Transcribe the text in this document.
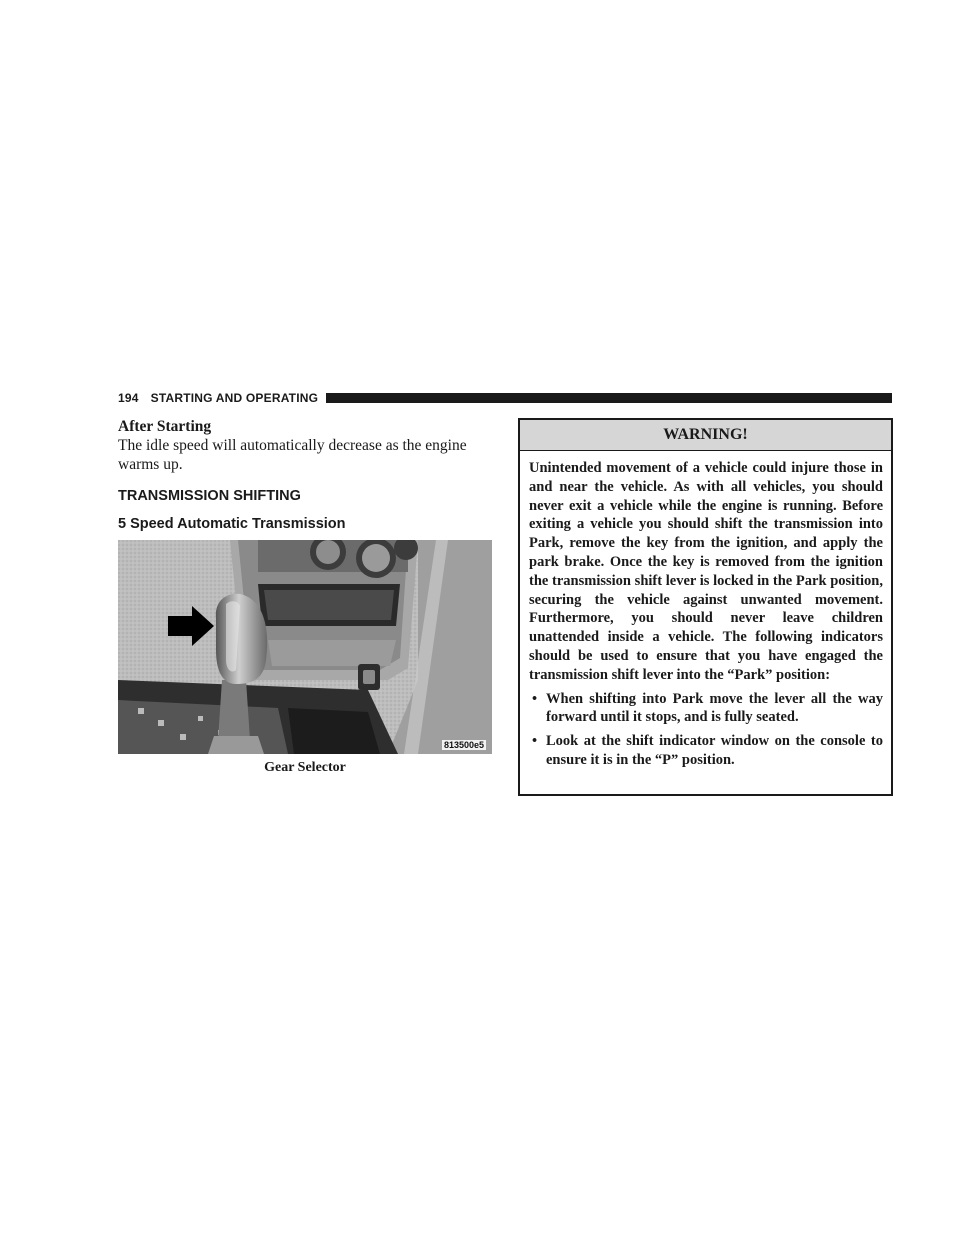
194 STARTING AND OPERATING

After Starting

The idle speed will automatically decrease as the engine warms up.

TRANSMISSION SHIFTING

5 Speed Automatic Transmission

813500e5
Gear Selector
WARNING!

Unintended movement of a vehicle could injure those in and near the vehicle. As with all vehicles, you should never exit a vehicle while the engine is running. Before exiting a vehicle you should shift the transmission into Park, remove the key from the ignition, and apply the park brake. Once the key is removed from the ignition the transmission shift lever is locked in the Park position, securing the vehicle against unwanted movement. Furthermore, you should never leave children unattended inside a vehicle. The following indicators should be used to ensure that you have engaged the transmission shift lever into the “Park” position:

• When shifting into Park move the lever all the way forward until it stops, and is fully seated.
• Look at the shift indicator window on the console to ensure it is in the “P” position.
